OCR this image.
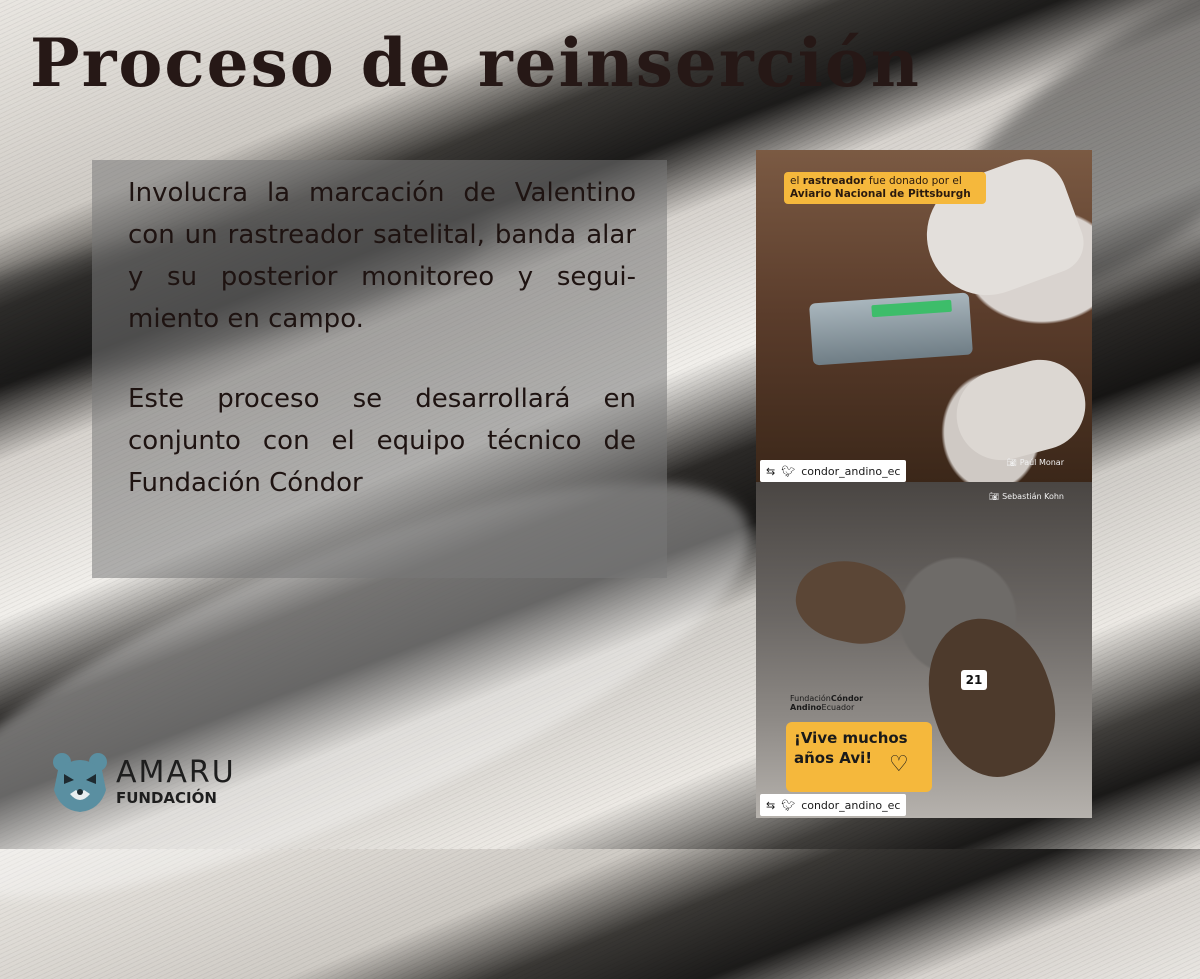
Proceso de reinserción

Involucra la marcación de Valentino con un rastreador satelital, banda alar y su posterior monitoreo y segui-miento en campo.

Este proceso se desarrollará en conjunto con el equipo técnico de Fundación Cóndor

el rastreador fue donado por el Aviario Nacional de Pittsburgh
📷︎ Paúl Monar
⇆ 🐦︎ condor_andino_ec
21
📷︎ Sebastián Kohn
FundaciónCóndor
AndinoEcuador
¡Vive muchos años Avi! ♡
⇆ 🐦︎ condor_andino_ec
AMARU
FUNDACIÓN
